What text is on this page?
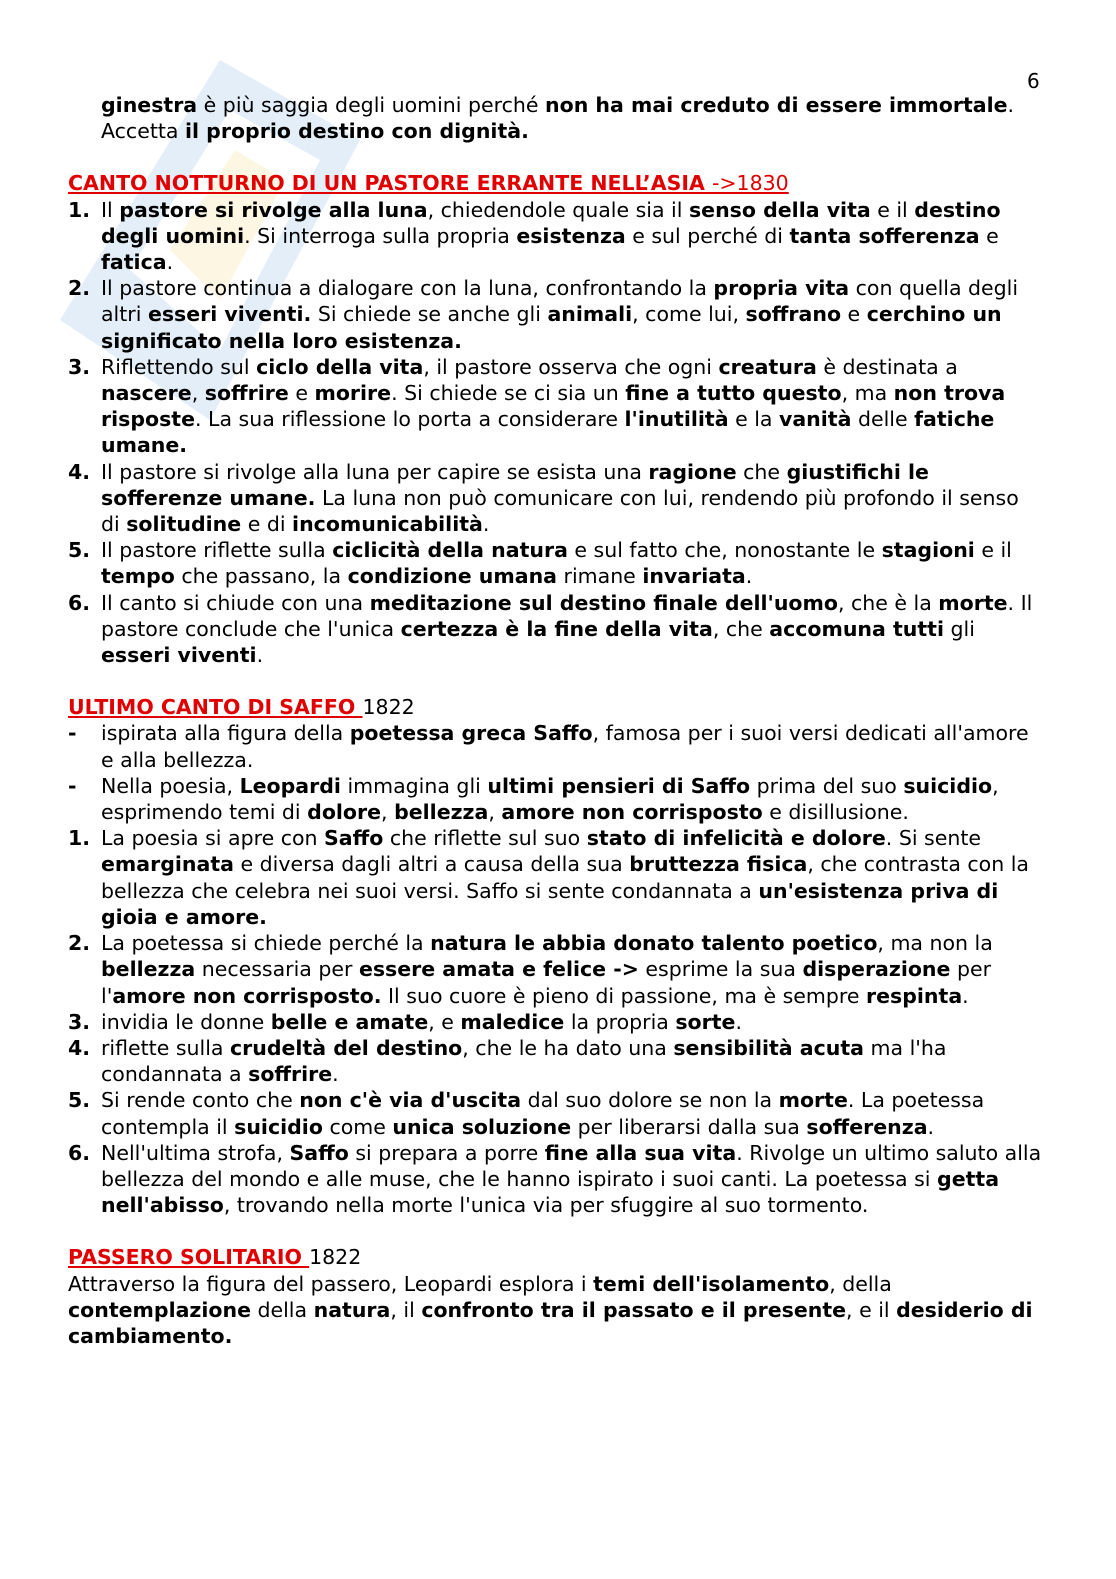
6

ginestra è più saggia degli uomini perché non ha mai creduto di essere immortale. Accetta il proprio destino con dignità.

CANTO NOTTURNO DI UN PASTORE ERRANTE NELL’ASIA ->1830

1. Il pastore si rivolge alla luna, chiedendole quale sia il senso della vita e il destino degli uomini. Si interroga sulla propria esistenza e sul perché di tanta sofferenza e fatica.
2. Il pastore continua a dialogare con la luna, confrontando la propria vita con quella degli altri esseri viventi. Si chiede se anche gli animali, come lui, soffrano e cerchino un significato nella loro esistenza.
3. Riflettendo sul ciclo della vita, il pastore osserva che ogni creatura è destinata a nascere, soffrire e morire. Si chiede se ci sia un fine a tutto questo, ma non trova risposte. La sua riflessione lo porta a considerare l'inutilità e la vanità delle fatiche umane.
4. Il pastore si rivolge alla luna per capire se esista una ragione che giustifichi le sofferenze umane. La luna non può comunicare con lui, rendendo più profondo il senso di solitudine e di incomunicabilità.
5. Il pastore riflette sulla ciclicità della natura e sul fatto che, nonostante le stagioni e il tempo che passano, la condizione umana rimane invariata.
6. Il canto si chiude con una meditazione sul destino finale dell'uomo, che è la morte. Il pastore conclude che l'unica certezza è la fine della vita, che accomuna tutti gli esseri viventi.

ULTIMO CANTO DI SAFFO 1822

- ispirata alla figura della poetessa greca Saffo, famosa per i suoi versi dedicati all'amore e alla bellezza.
- Nella poesia, Leopardi immagina gli ultimi pensieri di Saffo prima del suo suicidio, esprimendo temi di dolore, bellezza, amore non corrisposto e disillusione.
1. La poesia si apre con Saffo che riflette sul suo stato di infelicità e dolore. Si sente emarginata e diversa dagli altri a causa della sua bruttezza fisica, che contrasta con la bellezza che celebra nei suoi versi. Saffo si sente condannata a un'esistenza priva di gioia e amore.
2. La poetessa si chiede perché la natura le abbia donato talento poetico, ma non la bellezza necessaria per essere amata e felice -> esprime la sua disperazione per l'amore non corrisposto. Il suo cuore è pieno di passione, ma è sempre respinta.
3. invidia le donne belle e amate, e maledice la propria sorte.
4. riflette sulla crudeltà del destino, che le ha dato una sensibilità acuta ma l'ha condannata a soffrire.
5. Si rende conto che non c'è via d'uscita dal suo dolore se non la morte. La poetessa contempla il suicidio come unica soluzione per liberarsi dalla sua sofferenza.
6. Nell'ultima strofa, Saffo si prepara a porre fine alla sua vita. Rivolge un ultimo saluto alla bellezza del mondo e alle muse, che le hanno ispirato i suoi canti. La poetessa si getta nell'abisso, trovando nella morte l'unica via per sfuggire al suo tormento.

PASSERO SOLITARIO 1822

Attraverso la figura del passero, Leopardi esplora i temi dell'isolamento, della contemplazione della natura, il confronto tra il passato e il presente, e il desiderio di cambiamento.
